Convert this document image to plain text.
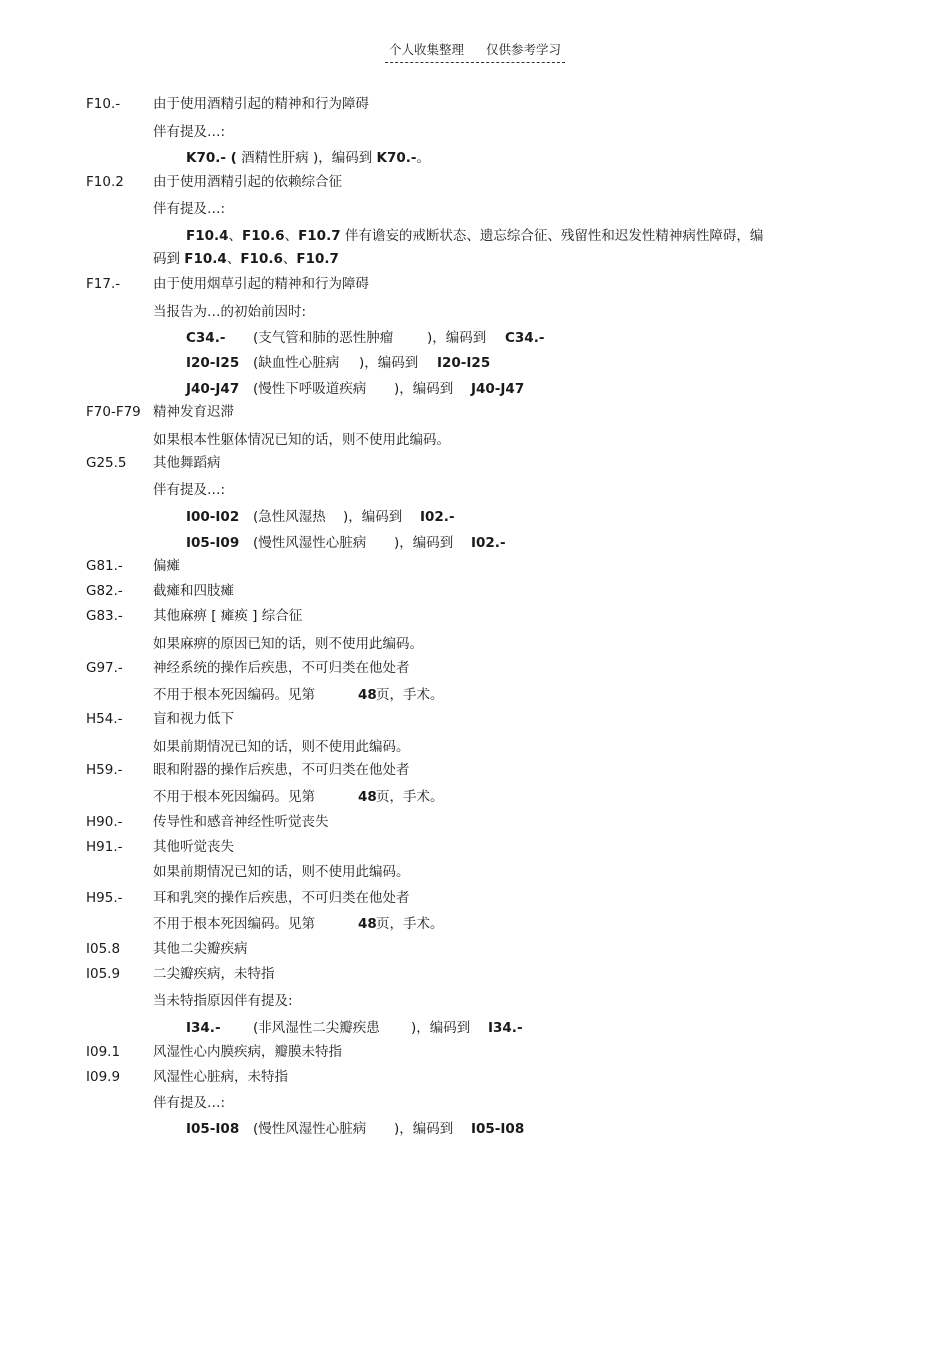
个人收集整理 仅供参考学习
F10.- 由于使用酒精引起的精神和行为障碍
伴有提及…:
K70.- ( 酒精性肝病 )，编码到 K70.-。
F10.2 由于使用酒精引起的依赖综合征
伴有提及…:
F10.4、F10.6、F10.7 伴有谵妄的戒断状态、遗忘综合征、残留性和迟发性精神病性障碍，编
码到 F10.4、F10.6、F10.7
F17.- 由于使用烟草引起的精神和行为障碍
当报告为…的初始前因时:
C34.- (支气管和肺的恶性肿瘤 )，编码到 C34.-
I20-I25 (缺血性心脏病 )，编码到 I20-I25
J40-J47 (慢性下呼吸道疾病 )，编码到 J40-J47
F70-F79 精神发育迟滞
如果根本性躯体情况已知的话，则不使用此编码。
G25.5 其他舞蹈病
伴有提及…:
I00-I02 (急性风湿热 )，编码到 I02.-
I05-I09 (慢性风湿性心脏病 )，编码到 I02.-
G81.- 偏瘫
G82.- 截瘫和四肢瘫
G83.- 其他麻痹 [ 瘫痪 ] 综合征
如果麻痹的原因已知的话，则不使用此编码。
G97.- 神经系统的操作后疾患，不可归类在他处者
不用于根本死因编码。见第	48 页，手术。
H54.- 盲和视力低下
如果前期情况已知的话，则不使用此编码。
H59.- 眼和附器的操作后疾患，不可归类在他处者
不用于根本死因编码。见第	48 页，手术。
H90.- 传导性和感音神经性听觉丧失
H91.- 其他听觉丧失
如果前期情况已知的话，则不使用此编码。
H95.- 耳和乳突的操作后疾患，不可归类在他处者
不用于根本死因编码。见第	48 页，手术。
I05.8 其他二尖瓣疾病
I05.9 二尖瓣疾病，未特指
当未特指原因伴有提及:
I34.- (非风湿性二尖瓣疾患 )，编码到 I34.-
I09.1 风湿性心内膜疾病，瓣膜未特指
I09.9 风湿性心脏病，未特指
伴有提及…:
I05-I08 (慢性风湿性心脏病 )，编码到 I05-I08
